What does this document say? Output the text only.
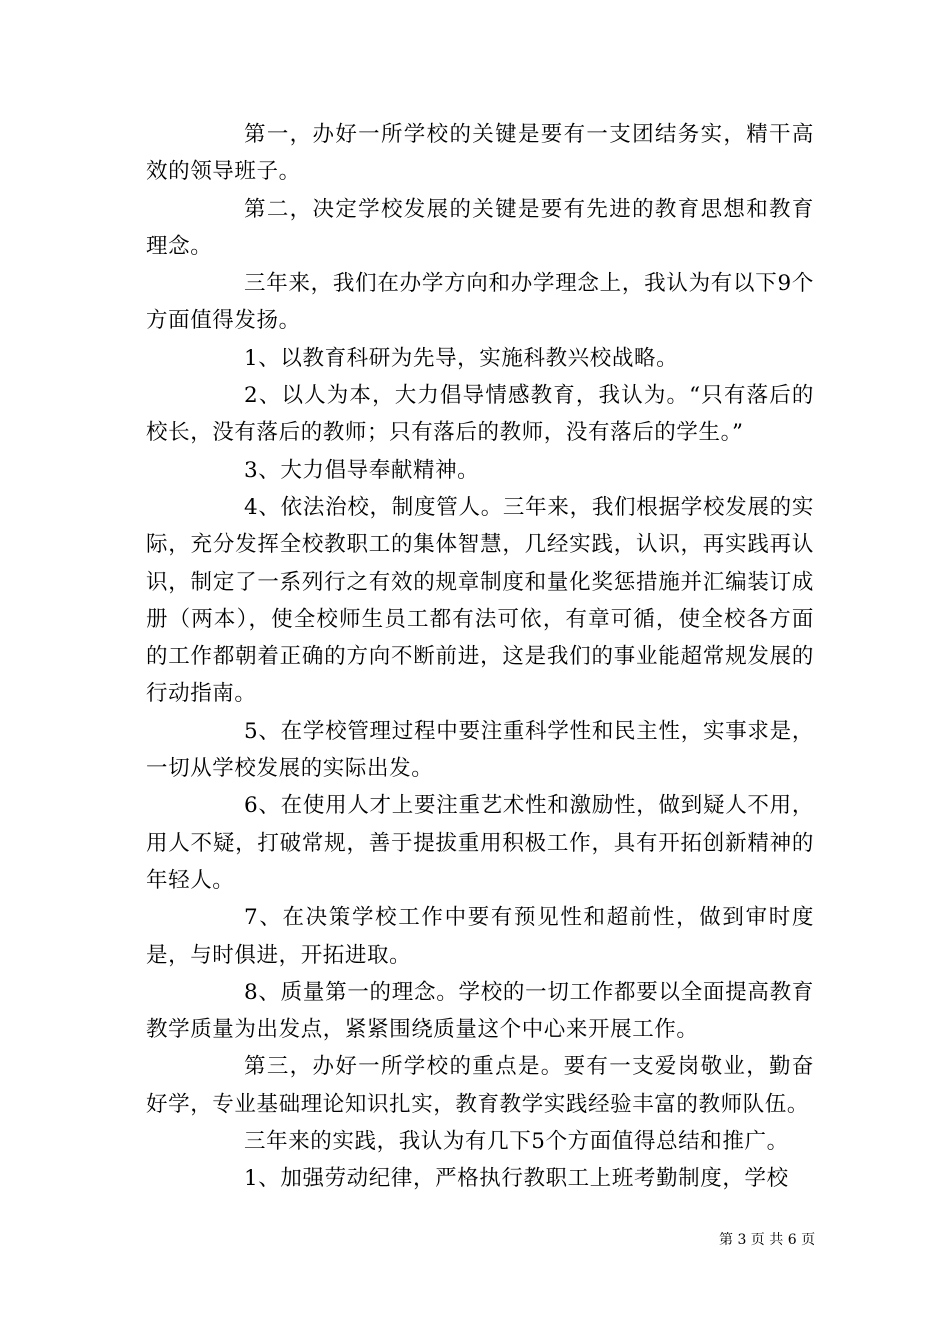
第一，办好一所学校的关键是要有一支团结务实，精干高效的领导班子。

第二，决定学校发展的关键是要有先进的教育思想和教育理念。

三年来，我们在办学方向和办学理念上，我认为有以下9个方面值得发扬。

1、以教育科研为先导，实施科教兴校战略。

2、以人为本，大力倡导情感教育，我认为。“只有落后的校长，没有落后的教师；只有落后的教师，没有落后的学生。”

3、大力倡导奉献精神。

4、依法治校，制度管人。三年来，我们根据学校发展的实际，充分发挥全校教职工的集体智慧，几经实践，认识，再实践再认识，制定了一系列行之有效的规章制度和量化奖惩措施并汇编装订成册（两本），使全校师生员工都有法可依，有章可循，使全校各方面的工作都朝着正确的方向不断前进，这是我们的事业能超常规发展的行动指南。

5、在学校管理过程中要注重科学性和民主性，实事求是，一切从学校发展的实际出发。

6、在使用人才上要注重艺术性和激励性，做到疑人不用，用人不疑，打破常规，善于提拔重用积极工作，具有开拓创新精神的年轻人。

7、在决策学校工作中要有预见性和超前性，做到审时度是，与时俱进，开拓进取。

8、质量第一的理念。学校的一切工作都要以全面提高教育教学质量为出发点，紧紧围绕质量这个中心来开展工作。

第三，办好一所学校的重点是。要有一支爱岗敬业，勤奋好学，专业基础理论知识扎实，教育教学实践经验丰富的教师队伍。

三年来的实践，我认为有几下5个方面值得总结和推广。

1、加强劳动纪律，严格执行教职工上班考勤制度，学校

第 3 页 共 6 页
